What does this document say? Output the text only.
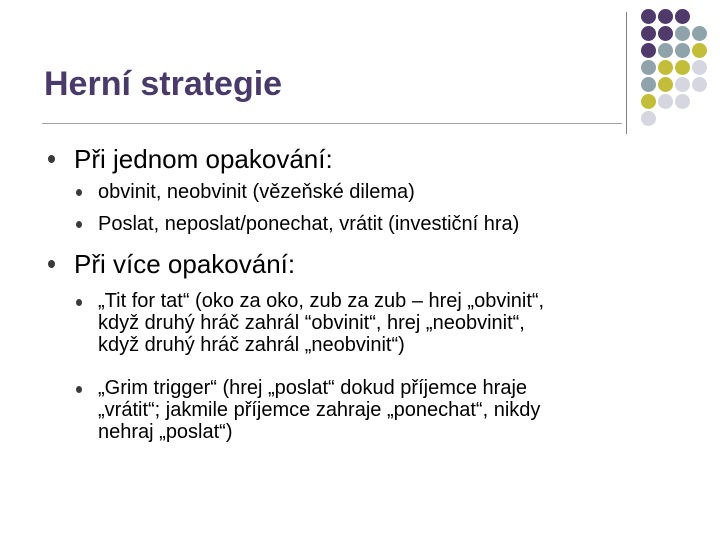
Herní strategie
Při jednom opakování:
obvinit, neobvinit (vězeňské dilema)
Poslat, neposlat/ponechat, vrátit (investiční hra)
Při více opakování:
„Tit for tat“ (oko za oko, zub za zub – hrej „obvinit“,
když druhý hráč zahrál “obvinit“, hrej „neobvinit“,
když druhý hráč zahrál „neobvinit“)
„Grim trigger“ (hrej „poslat“ dokud příjemce hraje
„vrátit“; jakmile příjemce zahraje „ponechat“, nikdy
nehraj „poslat“)
